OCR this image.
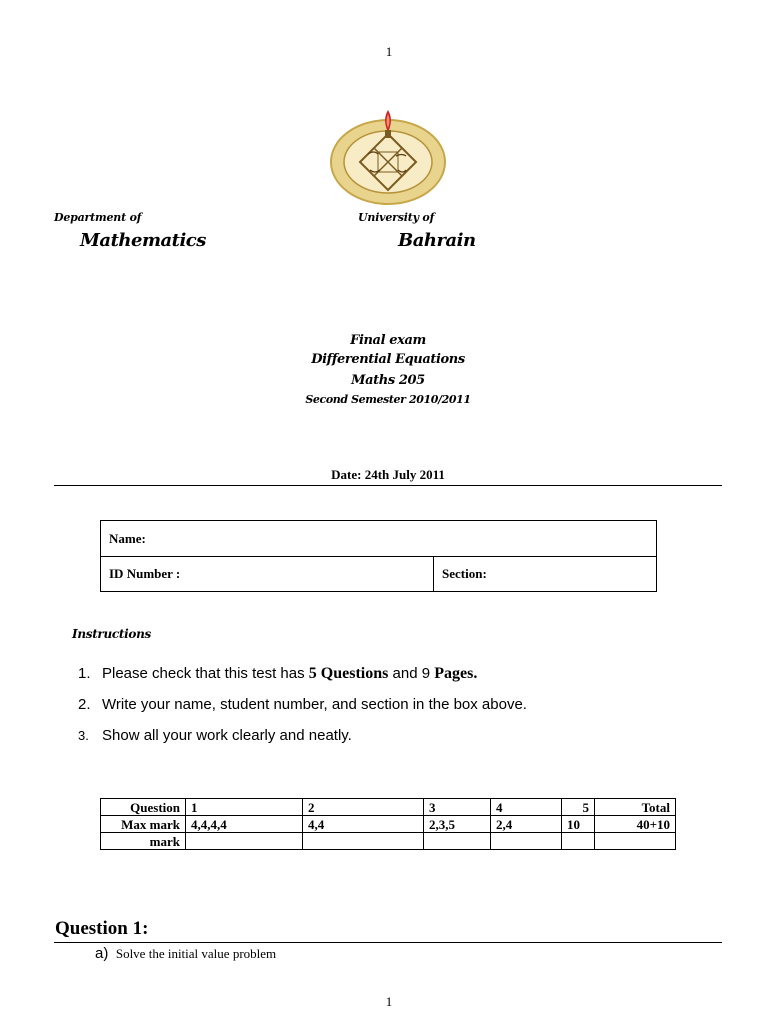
1
Department of
Mathematics
University of
Bahrain
Final exam
Differential Equations
Maths 205
Second Semester 2010/2011
Date: 24th July 2011
Name:
ID Number :	Section:
Instructions
1. Please check that this test has 5 Questions and 9 Pages.
2. Write your name, student number, and section in the box above.
3. Show all your work clearly and neatly.
Question	1	2	3	4	5	Total
Max mark	4,4,4,4	4,4	2,3,5	2,4	10	40+10
mark						
Question 1:
a) Solve the initial value problem
1
